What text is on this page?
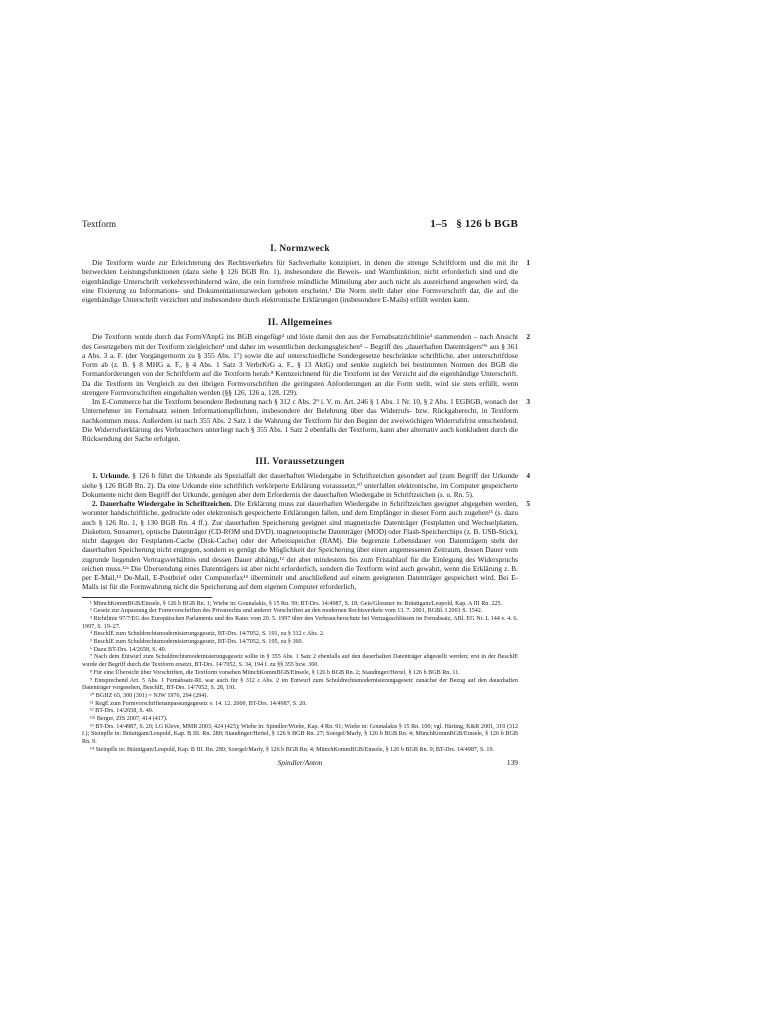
Textform	1–5   § 126 b BGB
I. Normzweck
1
Die Textform wurde zur Erleichterung des Rechtsverkehrs für Sachverhalte konzipiert, in denen die strenge Schriftform und die mit ihr bezweckten Leistungsfunktionen (dazu siehe § 126 BGB Rn. 1), insbesondere die Beweis- und Warnfunktion, nicht erforderlich sind und die eigenhändige Unterschrift verkehrsverhindernd wäre, die rein formfreie mündliche Mitteilung aber auch nicht als ausreichend angesehen wird, da eine Fixierung zu Informations- und Dokumentationszwecken geboten erscheint.¹ Die Norm stellt daher eine Formvorschrift dar, die auf die eigenhändige Unterschrift verzichtet und insbesondere durch elektronische Erklärungen (insbesondere E-Mails) erfüllt werden kann.
II. Allgemeines
2
Die Textform wurde durch das FormVAnpG ins BGB eingefügt² und löste damit den aus der Fernabsatzrichtlinie³ stammenden – nach Ansicht des Gesetzgebers mit der Textform zielgleichen⁴ und daher im wesentlichen deckungsgleichen⁵ – Begriff des „dauerhaften Datenträgers“⁶ aus § 361 a Abs. 3 a. F. (der Vorgängernorm zu § 355 Abs. 1⁷) sowie die auf unterschiedliche Sondergesetze beschränkte schriftliche, aber unterschriftlose Form ab (z. B. § 8 MHG a. F., § 4 Abs. 1 Satz 3 VerbrKrG a. F., § 13 AktG) und senkte zugleich bei bestimmten Normen des BGB die Formanforderungen von der Schriftform auf die Textform herab.⁸ Kennzeichnend für die Textform ist der Verzicht auf die eigenhändige Unterschrift. Da die Textform im Vergleich zu den übrigen Formvorschriften die geringsten Anforderungen an die Form stellt, wird sie stets erfüllt, wenn strengere Formvorschriften eingehalten werden (§§ 126, 126 a, 128, 129).
3
Im E-Commerce hat die Textform besondere Bedeutung nach § 312 c Abs. 2⁹ i. V. m. Art. 246 § 1 Abs. 1 Nr. 10, § 2 Abs. 1 EGBGB, wonach der Unternehmer im Fernabsatz seinen Informationspflichten, insbesondere der Belehrung über das Widerrufs- bzw. Rückgaberecht, in Textform nachkommen muss. Außerdem ist nach 355 Abs. 2 Satz 1 die Wahrung der Textform für den Beginn der zweiwöchigen Widerrufsfrist entscheidend. Die Widerrufserklärung des Verbrauchers unterliegt nach § 355 Abs. 1 Satz 2 ebenfalls der Textform, kann aber alternativ auch konkludent durch die Rücksendung der Sache erfolgen.
III. Voraussetzungen
4
1. Urkunde. § 126 b führt die Urkunde als Spezialfall der dauerhaften Wiedergabe in Schriftzeichen gesondert auf (zum Begriff der Urkunde siehe § 126 BGB Rn. 2). Da eine Urkunde eine schriftlich verkörperte Erklärung voraussetzt,¹⁰ unterfallen elektronische, im Computer gespeicherte Dokumente nicht dem Begriff der Urkunde, genügen aber dem Erfordernis der dauerhaften Wiedergabe in Schriftzeichen (s. u. Rn. 5).
5
2. Dauerhafte Wiedergabe in Schriftzeichen. Die Erklärung muss zur dauerhaften Wiedergabe in Schriftzeichen geeignet abgegeben werden, worunter handschriftliche, gedruckte oder elektronisch gespeicherte Erklärungen fallen, und dem Empfänger in dieser Form auch zugehen¹¹ (s. dazu auch § 126 Rn. 1, § 130 BGB Rn. 4 ff.). Zur dauerhaften Speicherung geeignet sind magnetische Datenträger (Festplatten und Wechselplatten, Disketten, Streamer), optische Datenträger (CD-ROM und DVD), magnetooptische Datenträger (MOD) oder Flash-Speicherchips (z. B. USB-Stick), nicht dagegen der Festplatten-Cache (Disk-Cache) oder der Arbeitsspeicher (RAM). Die begrenzte Lebensdauer von Datenträgern steht der dauerhaften Speicherung nicht entgegen, sondern es genügt die Möglichkeit der Speicherung über einen angemessenen Zeitraum, dessen Dauer vom zugrunde liegenden Vertragsverhältnis und dessen Dauer abhängt,¹² der aber mindestens bis zum Fristablauf für die Einlegung des Widerspruchs reichen muss.¹²ᵃ Die Übersendung eines Datenträgers ist aber nicht erforderlich, sondern die Textform wird auch gewahrt, wenn die Erklärung z. B. per E-Mail,¹³ De-Mail, E-Postbrief oder Computerfax¹⁴ übermittelt und anschließend auf einem geeigneten Datenträger gespeichert wird. Bei E-Mails ist für die Formwahrung nicht die Speicherung auf dem eigenen Computer erforderlich,

¹ MünchKommBGB/Einsele, § 126 b BGB Rn. 1; Wiebe in: Gounalakis, § 15 Rn. 99; BT-Drs. 14/4987, S. 18; Geis/Glossner in: Bräutigam/Leupold, Kap. A III Rn. 225.

² Gesetz zur Anpassung der Formvorschriften des Privatrechts und anderer Vorschriften an den modernen Rechtsverkehr vom 13. 7. 2001, BGBl. I 2001 S. 1542.

³ Richtlinie 97/7/EG des Europäischen Parlaments und des Rates vom 20. 5. 1997 über den Verbraucherschutz bei Vertragsschlüssen im Fernabsatz, ABl. EG Nr. L 144 v. 4. 6. 1997, S. 19–27.

⁴ BeschlE zum Schuldrechtsmodernisierungsgesetz, BT-Drs. 14/7052, S. 191, zu § 312 c Abs. 2.

⁵ BeschlE zum Schuldrechtsmodernisierungsgesetz, BT-Drs. 14/7052, S. 195, zu § 360.

⁶ Dazu BT-Drs. 14/2658, S. 40.

⁷ Nach dem Entwurf zum Schuldrechtsmodernisierungsgesetz sollte in § 355 Abs. 1 Satz 2 ebenfalls auf den dauerhaften Datenträger abgestellt werden; erst in der BeschlE wurde der Begriff durch die Textform ersetzt, BT-Drs. 14/7052, S. 34, 194 f. zu §§ 355 bzw. 360.

⁸ Für eine Übersicht über Vorschriften, die Textform vorsehen MünchKommBGB/Einsele, § 126 b BGB Rn. 2; Staudinger/Hertel, § 126 b BGB Rn. 11.

⁹ Entsprechend Art. 5 Abs. 1 Fernabsatz-RL war auch für § 312 c Abs. 2 im Entwurf zum Schuldrechtsmodernisierungsgesetz zunächst der Bezug auf den dauerhaften Datenträger vorgesehen, BeschlE, BT-Drs. 14/7052, S. 28, 191.

¹⁰ BGHZ 65, 300 (301) = NJW 1976, 294 (294).

¹¹ RegE zum Formvorschriftenanpassungsgesetz v. 14. 12. 2000, BT-Drs. 14/4987, S. 20.

¹² BT-Drs. 14/2658, S. 40.

¹²ᵃ Berger, ZfS 2007, 414 (417).

¹³ BT-Drs. 14/4987, S. 20; LG Kleve, MMR 2003, 424 (425); Wiebe in: Spindler/Wiebe, Kap. 4 Rn. 91; Wiebe in: Gounalakis § 15 Rn. 100; vgl. Härting, K&R 2001, 310 (312 f.); Steinpfle in: Bräutigam/Leupold, Kap. B III. Rn. 280; Staudinger/Hertel, § 126 b BGB Rn. 27; Soergel/Marly, § 126 b BGB Rn. 4; MünchKommBGB/Einsele, § 126 b BGB Rn. 9.

¹⁴ Steinpfle in: Bräutigam/Leupold, Kap. B III. Rn. 280; Soergel/Marly, § 126 b BGB Rn. 4; MünchKommBGB/Einsele, § 126 b BGB Rn. 9; BT-Drs. 14/4987, S. 19.

Spindler/Anton	139
